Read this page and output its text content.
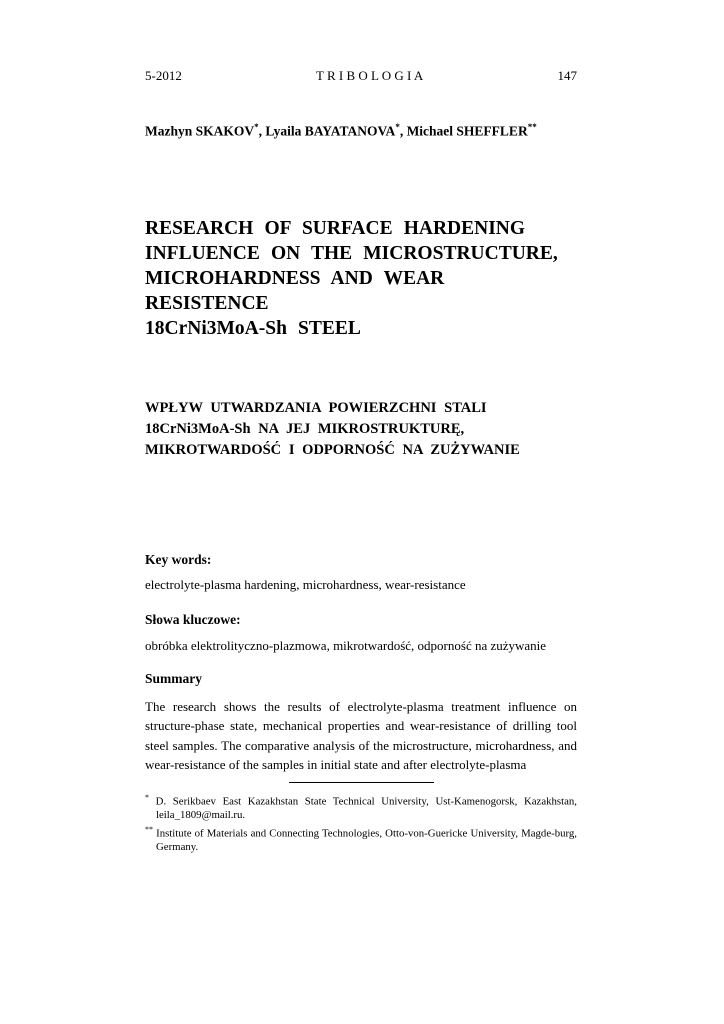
5-2012	T R I B O L O G I A	147

Mazhyn SKAKOV*, Lyaila BAYATANOVA*, Michael SHEFFLER**

RESEARCH OF SURFACE HARDENING
INFLUENCE ON THE MICROSTRUCTURE,
MICROHARDNESS AND WEAR RESISTENCE
18CrNi3MoA-Sh STEEL
WPŁYW UTWARDZANIA POWIERZCHNI STALI
18CrNi3MoA-Sh NA JEJ MIKROSTRUKTURĘ,
MIKROTWARDOŚĆ I ODPORNOŚĆ NA ZUŻYWANIE

Key words:

electrolyte-plasma hardening, microhardness, wear-resistance

Słowa kluczowe:

obróbka elektrolityczno-plazmowa, mikrotwardość, odporność na zużywanie

Summary

The research shows the results of electrolyte-plasma treatment influence on structure-phase state, mechanical properties and wear-resistance of drilling tool steel samples. The comparative analysis of the microstructure, microhardness, and wear-resistance of the samples in initial state and after electrolyte-plasma

* D. Serikbaev East Kazakhstan State Technical University, Ust-Kamenogorsk, Kazakhstan, leila_1809@mail.ru.

** Institute of Materials and Connecting Technologies, Otto-von-Guericke University, Magde-burg, Germany.
